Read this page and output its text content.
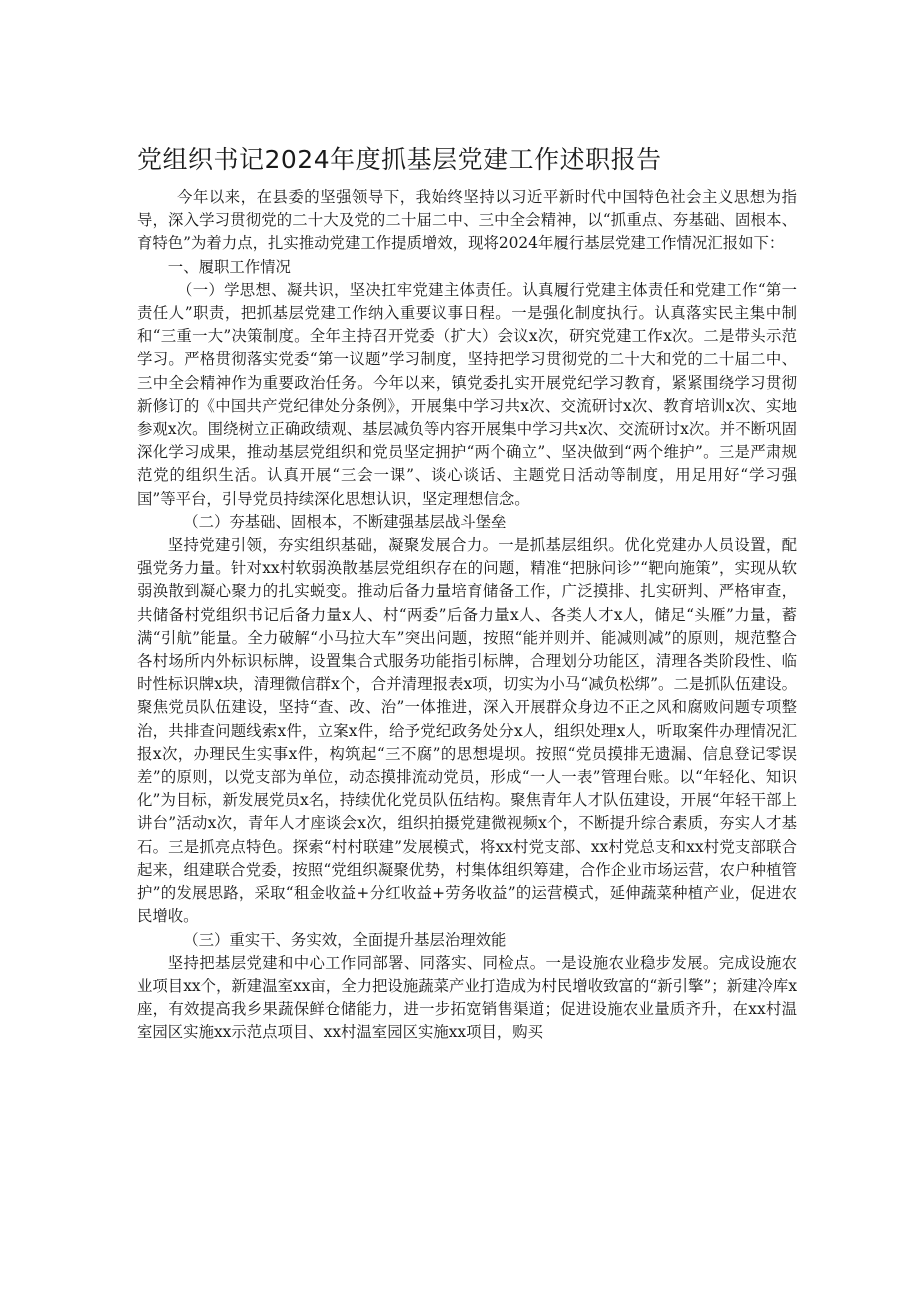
党组织书记2024年度抓基层党建工作述职报告

今年以来，在县委的坚强领导下，我始终坚持以习近平新时代中国特色社会主义思想为指导，深入学习贯彻党的二十大及党的二十届二中、三中全会精神，以“抓重点、夯基础、固根本、育特色”为着力点，扎实推动党建工作提质增效，现将2024年履行基层党建工作情况汇报如下：

一、履职工作情况

（一）学思想、凝共识，坚决扛牢党建主体责任。认真履行党建主体责任和党建工作“第一责任人”职责，把抓基层党建工作纳入重要议事日程。一是强化制度执行。认真落实民主集中制和“三重一大”决策制度。全年主持召开党委（扩大）会议x次，研究党建工作x次。二是带头示范学习。严格贯彻落实党委“第一议题”学习制度，坚持把学习贯彻党的二十大和党的二十届二中、三中全会精神作为重要政治任务。今年以来，镇党委扎实开展党纪学习教育，紧紧围绕学习贯彻新修订的《中国共产党纪律处分条例》，开展集中学习共x次、交流研讨x次、教育培训x次、实地参观x次。围绕树立正确政绩观、基层减负等内容开展集中学习共x次、交流研讨x次。并不断巩固深化学习成果，推动基层党组织和党员坚定拥护“两个确立”、坚决做到“两个维护”。三是严肃规范党的组织生活。认真开展“三会一课”、谈心谈话、主题党日活动等制度，用足用好“学习强国”等平台，引导党员持续深化思想认识，坚定理想信念。

（二）夯基础、固根本，不断建强基层战斗堡垒

坚持党建引领，夯实组织基础，凝聚发展合力。一是抓基层组织。优化党建办人员设置，配强党务力量。针对xx村软弱涣散基层党组织存在的问题，精准“把脉问诊”“靶向施策”，实现从软弱涣散到凝心聚力的扎实蜕变。推动后备力量培育储备工作，广泛摸排、扎实研判、严格审查，共储备村党组织书记后备力量x人、村“两委”后备力量x人、各类人才x人，储足“头雁”力量，蓄满“引航”能量。全力破解“小马拉大车”突出问题，按照“能并则并、能减则减”的原则，规范整合各村场所内外标识标牌，设置集合式服务功能指引标牌，合理划分功能区，清理各类阶段性、临时性标识牌x块，清理微信群x个，合并清理报表x项，切实为小马“减负松绑”。二是抓队伍建设。聚焦党员队伍建设，坚持“查、改、治”一体推进，深入开展群众身边不正之风和腐败问题专项整治，共排查问题线索x件，立案x件，给予党纪政务处分x人，组织处理x人，听取案件办理情况汇报x次，办理民生实事x件，构筑起“三不腐”的思想堤坝。按照“党员摸排无遗漏、信息登记零误差”的原则，以党支部为单位，动态摸排流动党员，形成“一人一表”管理台账。以“年轻化、知识化”为目标，新发展党员x名，持续优化党员队伍结构。聚焦青年人才队伍建设，开展“年轻干部上讲台”活动x次，青年人才座谈会x次，组织拍摄党建微视频x个，不断提升综合素质，夯实人才基石。三是抓亮点特色。探索“村村联建”发展模式，将xx村党支部、xx村党总支和xx村党支部联合起来，组建联合党委，按照“党组织凝聚优势，村集体组织筹建，合作企业市场运营，农户种植管护”的发展思路，采取“租金收益+分红收益+劳务收益”的运营模式，延伸蔬菜种植产业，促进农民增收。

（三）重实干、务实效，全面提升基层治理效能

坚持把基层党建和中心工作同部署、同落实、同检点。一是设施农业稳步发展。完成设施农业项目xx个，新建温室xx亩，全力把设施蔬菜产业打造成为村民增收致富的“新引擎”；新建冷库x座，有效提高我乡果蔬保鲜仓储能力，进一步拓宽销售渠道；促进设施农业量质齐升，在xx村温室园区实施xx示范点项目、xx村温室园区实施xx项目，购买
